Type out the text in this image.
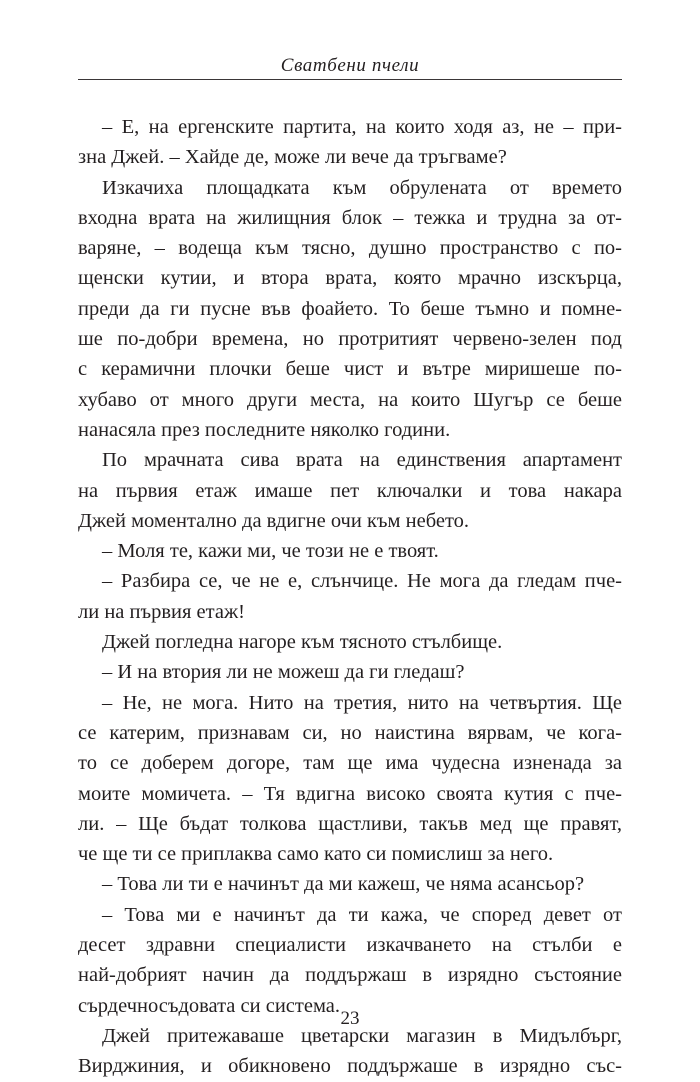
Сватбени пчели

– Е, на ергенските партита, на които ходя аз, не – при-

зна Джей. – Хайде де, може ли вече да тръгваме?

Изкачиха площадката към обрулената от времето

входна врата на жилищния блок – тежка и трудна за от-

варяне, – водеща към тясно, душно пространство с по-

щенски кутии, и втора врата, която мрачно изскърца,

преди да ги пусне във фоайето. То беше тъмно и помне-

ше по-добри времена, но протритият червено-зелен под

с керамични плочки беше чист и вътре миришеше по-

хубаво от много други места, на които Шугър се беше

нанасяла през последните няколко години.

По мрачната сива врата на единствения апартамент

на първия етаж имаше пет ключалки и това накара

Джей моментално да вдигне очи към небето.

– Моля те, кажи ми, че този не е твоят.

– Разбира се, че не е, слънчице. Не мога да гледам пче-

ли на първия етаж!

Джей погледна нагоре към тясното стълбище.

– И на втория ли не можеш да ги гледаш?

– Не, не мога. Нито на третия, нито на четвъртия. Ще

се катерим, признавам си, но наистина вярвам, че кога-

то се доберем догоре, там ще има чудесна изненада за

моите момичета. – Тя вдигна високо своята кутия с пче-

ли. – Ще бъдат толкова щастливи, такъв мед ще правят,

че ще ти се приплаква само като си помислиш за него.

– Това ли ти е начинът да ми кажеш, че няма асансьор?

– Това ми е начинът да ти кажа, че според девет от

десет здравни специалисти изкачването на стълби е

най-добрият начин да поддържаш в изрядно състояние

сърдечносъдовата си система.

Джей притежаваше цветарски магазин в Мидълбърг,

Вирджиния, и обикновено поддържаше в изрядно със-

23
